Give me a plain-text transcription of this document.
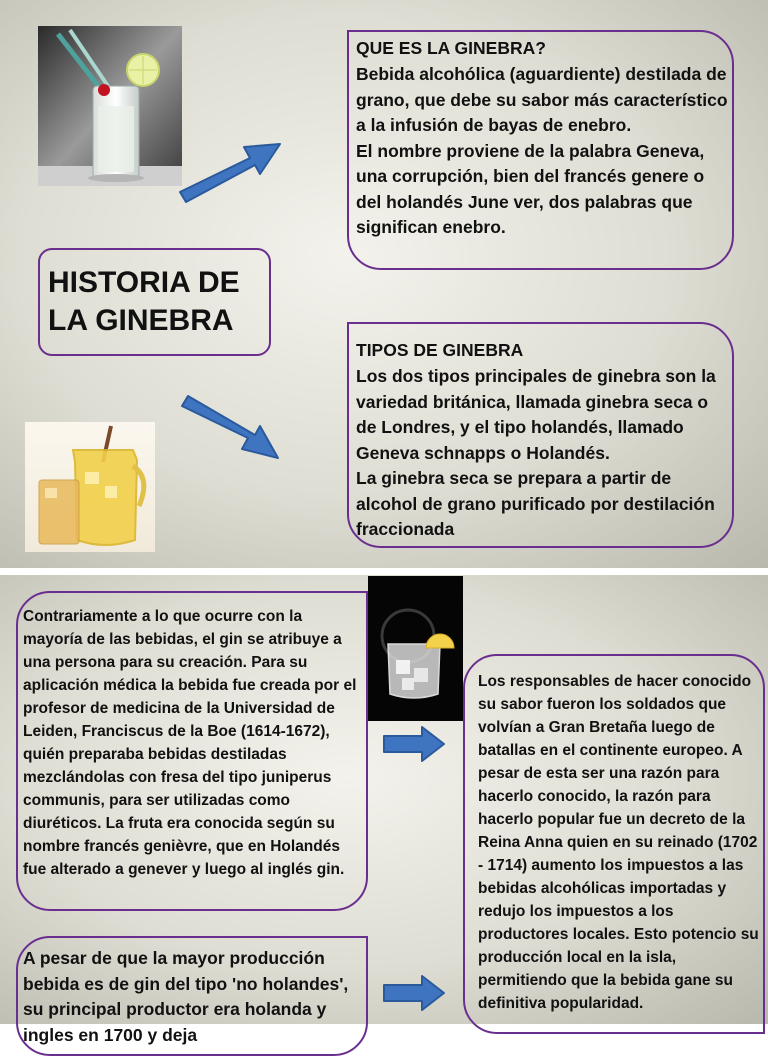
HISTORIA DE LA GINEBRA
QUE ES LA GINEBRA?
Bebida alcohólica (aguardiente) destilada de grano, que debe su sabor más característico a la infusión de bayas de enebro.
El nombre proviene de la palabra Geneva, una corrupción, bien del francés genere o del holandés June ver, dos palabras que significan enebro.
TIPOS DE GINEBRA
Los dos tipos principales de ginebra son la variedad británica, llamada ginebra seca o de Londres, y el tipo holandés, llamado Geneva schnapps o Holandés.
La ginebra seca se prepara a partir de alcohol de grano purificado por destilación fraccionada
Contrariamente a lo que ocurre con la mayoría de las bebidas, el gin se atribuye a una persona para su creación. Para su aplicación médica la bebida fue creada por el profesor de medicina de la Universidad de Leiden, Franciscus de la Boe (1614-1672), quién preparaba bebidas destiladas mezclándolas con fresa del tipo juniperus communis, para ser utilizadas como diuréticos. La fruta era conocida según su nombre francés genièvre, que en Holandés fue alterado a genever y luego al inglés gin.
Los responsables de hacer conocido su sabor fueron los soldados que volvían a Gran Bretaña luego de batallas en el continente europeo. A pesar de esta ser una razón para hacerlo conocido, la razón para hacerlo popular fue un decreto de la Reina Anna quien en su reinado (1702 - 1714) aumento los impuestos a las bebidas alcohólicas importadas y redujo los impuestos a los productores locales. Esto potencio su producción local en la isla, permitiendo que la bebida gane su definitiva popularidad.
A pesar de que la mayor producción bebida es de gin del tipo 'no holandes', su principal productor era holanda y ingles en 1700 y deja
